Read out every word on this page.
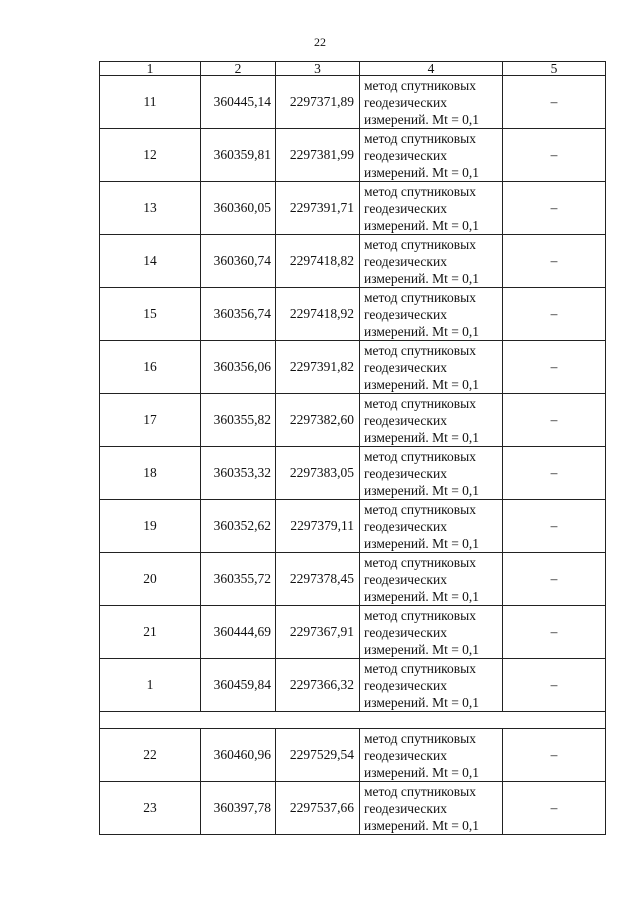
22
1	2	3	4	5
11	360445,14	2297371,89	метод спутниковых
геодезических
измерений. Mt = 0,1	–
12	360359,81	2297381,99	метод спутниковых
геодезических
измерений. Mt = 0,1	–
13	360360,05	2297391,71	метод спутниковых
геодезических
измерений. Mt = 0,1	–
14	360360,74	2297418,82	метод спутниковых
геодезических
измерений. Mt = 0,1	–
15	360356,74	2297418,92	метод спутниковых
геодезических
измерений. Mt = 0,1	–
16	360356,06	2297391,82	метод спутниковых
геодезических
измерений. Mt = 0,1	–
17	360355,82	2297382,60	метод спутниковых
геодезических
измерений. Mt = 0,1	–
18	360353,32	2297383,05	метод спутниковых
геодезических
измерений. Mt = 0,1	–
19	360352,62	2297379,11	метод спутниковых
геодезических
измерений. Mt = 0,1	–
20	360355,72	2297378,45	метод спутниковых
геодезических
измерений. Mt = 0,1	–
21	360444,69	2297367,91	метод спутниковых
геодезических
измерений. Mt = 0,1	–
1	360459,84	2297366,32	метод спутниковых
геодезических
измерений. Mt = 0,1	–

22	360460,96	2297529,54	метод спутниковых
геодезических
измерений. Mt = 0,1	–
23	360397,78	2297537,66	метод спутниковых
геодезических
измерений. Mt = 0,1	–
